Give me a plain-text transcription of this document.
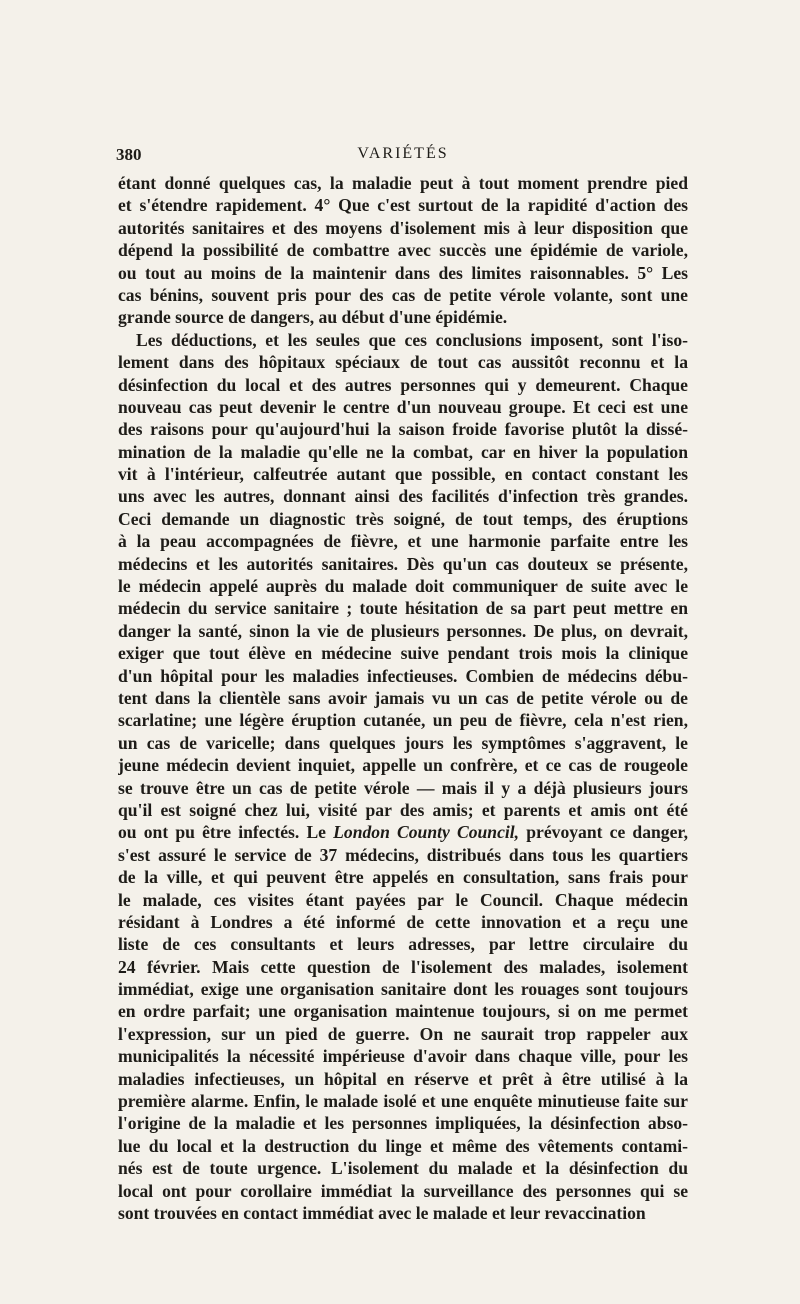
380	VARIÉTÉS
étant donné quelques cas, la maladie peut à tout moment prendre pied
et s'étendre rapidement. 4° Que c'est surtout de la rapidité d'action des
autorités sanitaires et des moyens d'isolement mis à leur disposition que
dépend la possibilité de combattre avec succès une épidémie de variole,
ou tout au moins de la maintenir dans des limites raisonnables. 5° Les
cas bénins, souvent pris pour des cas de petite vérole volante, sont une
grande source de dangers, au début d'une épidémie.
Les déductions, et les seules que ces conclusions imposent, sont l'iso-
lement dans des hôpitaux spéciaux de tout cas aussitôt reconnu et la
désinfection du local et des autres personnes qui y demeurent. Chaque
nouveau cas peut devenir le centre d'un nouveau groupe. Et ceci est une
des raisons pour qu'aujourd'hui la saison froide favorise plutôt la dissé-
mination de la maladie qu'elle ne la combat, car en hiver la population
vit à l'intérieur, calfeutrée autant que possible, en contact constant les
uns avec les autres, donnant ainsi des facilités d'infection très grandes.
Ceci demande un diagnostic très soigné, de tout temps, des éruptions
à la peau accompagnées de fièvre, et une harmonie parfaite entre les
médecins et les autorités sanitaires. Dès qu'un cas douteux se présente,
le médecin appelé auprès du malade doit communiquer de suite avec le
médecin du service sanitaire ; toute hésitation de sa part peut mettre en
danger la santé, sinon la vie de plusieurs personnes. De plus, on devrait,
exiger que tout élève en médecine suive pendant trois mois la clinique
d'un hôpital pour les maladies infectieuses. Combien de médecins débu-
tent dans la clientèle sans avoir jamais vu un cas de petite vérole ou de
scarlatine; une légère éruption cutanée, un peu de fièvre, cela n'est rien,
un cas de varicelle; dans quelques jours les symptômes s'aggravent, le
jeune médecin devient inquiet, appelle un confrère, et ce cas de rougeole
se trouve être un cas de petite vérole — mais il y a déjà plusieurs jours
qu'il est soigné chez lui, visité par des amis; et parents et amis ont été
ou ont pu être infectés. Le London County Council, prévoyant ce danger,
s'est assuré le service de 37 médecins, distribués dans tous les quartiers
de la ville, et qui peuvent être appelés en consultation, sans frais pour
le malade, ces visites étant payées par le Council. Chaque médecin
résidant à Londres a été informé de cette innovation et a reçu une
liste de ces consultants et leurs adresses, par lettre circulaire du
24 février. Mais cette question de l'isolement des malades, isolement
immédiat, exige une organisation sanitaire dont les rouages sont toujours
en ordre parfait; une organisation maintenue toujours, si on me permet
l'expression, sur un pied de guerre. On ne saurait trop rappeler aux
municipalités la nécessité impérieuse d'avoir dans chaque ville, pour les
maladies infectieuses, un hôpital en réserve et prêt à être utilisé à la
première alarme. Enfin, le malade isolé et une enquête minutieuse faite sur
l'origine de la maladie et les personnes impliquées, la désinfection abso-
lue du local et la destruction du linge et même des vêtements contami-
nés est de toute urgence. L'isolement du malade et la désinfection du
local ont pour corollaire immédiat la surveillance des personnes qui se
sont trouvées en contact immédiat avec le malade et leur revaccination
